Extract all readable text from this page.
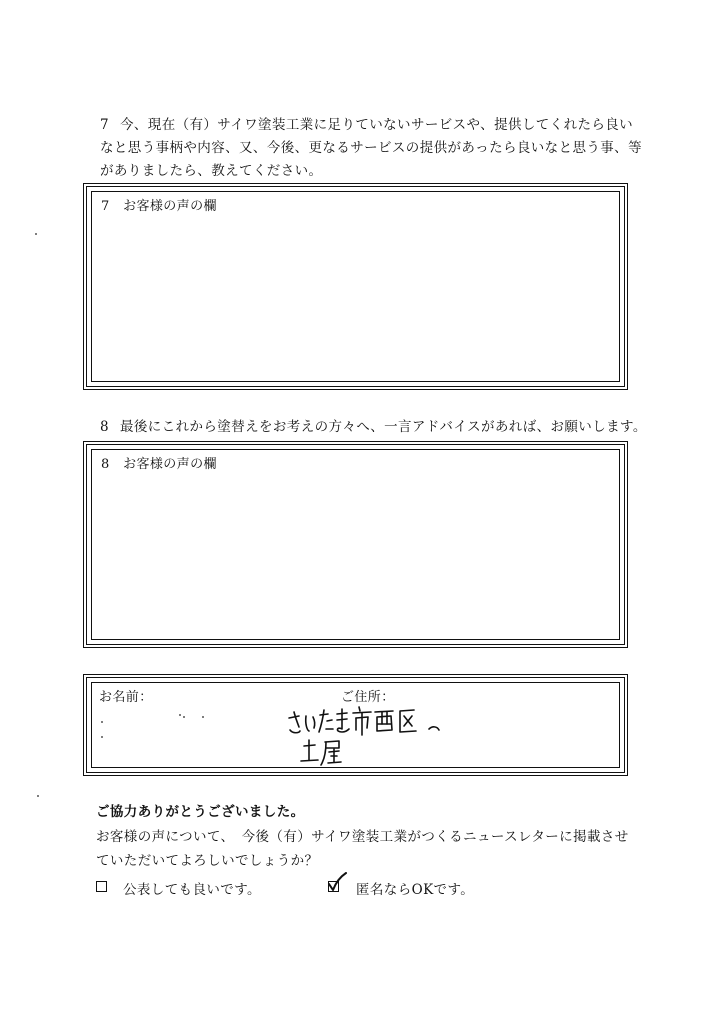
7 今、現在（有）サイワ塗装工業に足りていないサービスや、提供してくれたら良い
なと思う事柄や内容、又、今後、更なるサービスの提供があったら良いなと思う事、等
がありましたら、教えてください。
7　お客様の声の欄
8 最後にこれから塗替えをお考えの方々へ、一言アドバイスがあれば、お願いします。
8　お客様の声の欄
お名前：	ご住所：
ご協力ありがとうございました。
お客様の声について、　今後（有）サイワ塗装工業がつくるニュースレターに掲載させ
ていただいてよろしいでしょうか？
公表しても良いです。	匿名ならOKです。
